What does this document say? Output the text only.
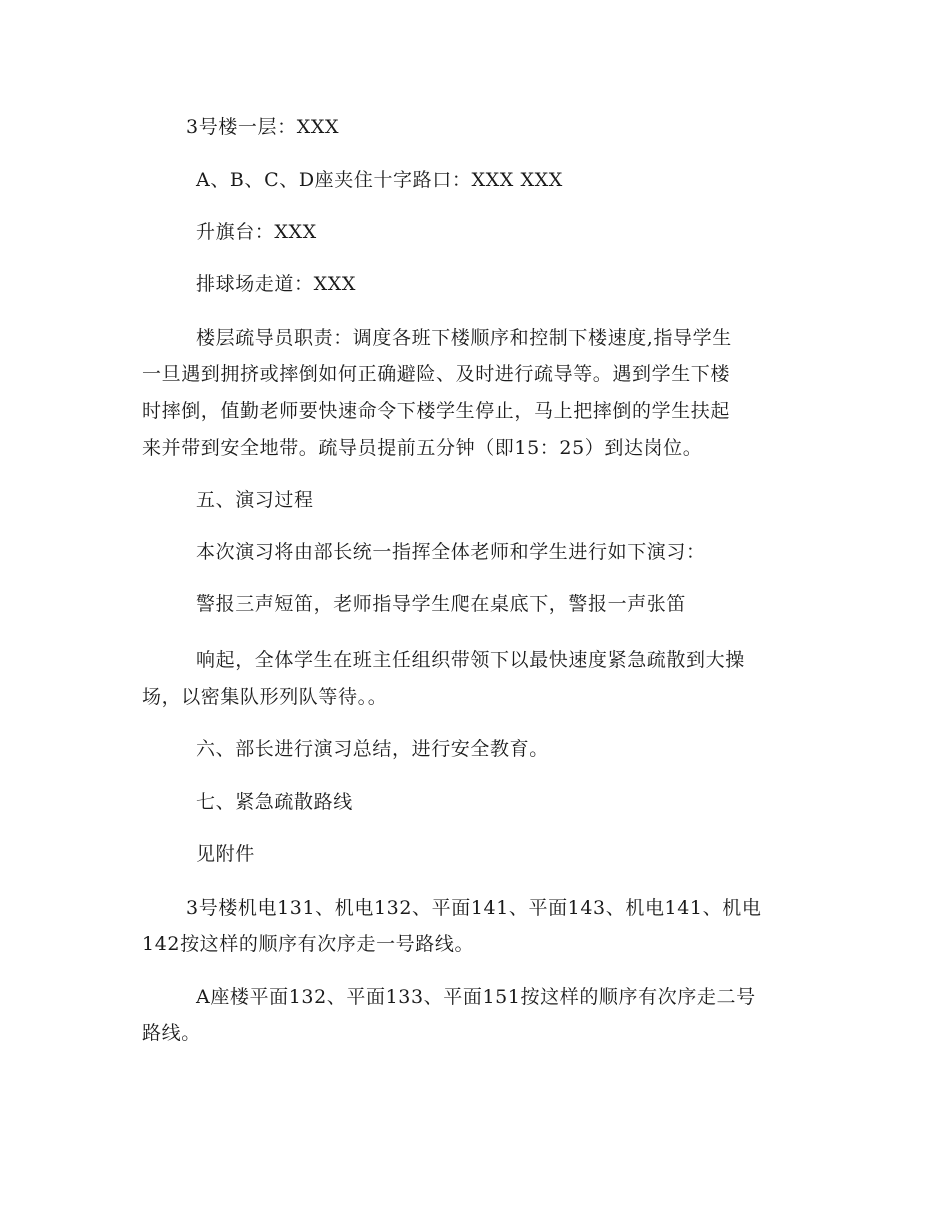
3号楼一层：XXX
A、B、C、D座夹住十字路口：XXX XXX
升旗台：XXX
排球场走道：XXX
楼层疏导员职责：调度各班下楼顺序和控制下楼速度,指导学生
一旦遇到拥挤或摔倒如何正确避险、及时进行疏导等。遇到学生下楼
时摔倒，值勤老师要快速命令下楼学生停止，马上把摔倒的学生扶起
来并带到安全地带。疏导员提前五分钟（即15：25）到达岗位。
五、演习过程
本次演习将由部长统一指挥全体老师和学生进行如下演习：
警报三声短笛，老师指导学生爬在桌底下，警报一声张笛
响起，全体学生在班主任组织带领下以最快速度紧急疏散到大操
场，以密集队形列队等待。。
六、部长进行演习总结，进行安全教育。
七、紧急疏散路线
见附件
3号楼机电131、机电132、平面141、平面143、机电141、机电
142按这样的顺序有次序走一号路线。
A座楼平面132、平面133、平面151按这样的顺序有次序走二号
路线。
